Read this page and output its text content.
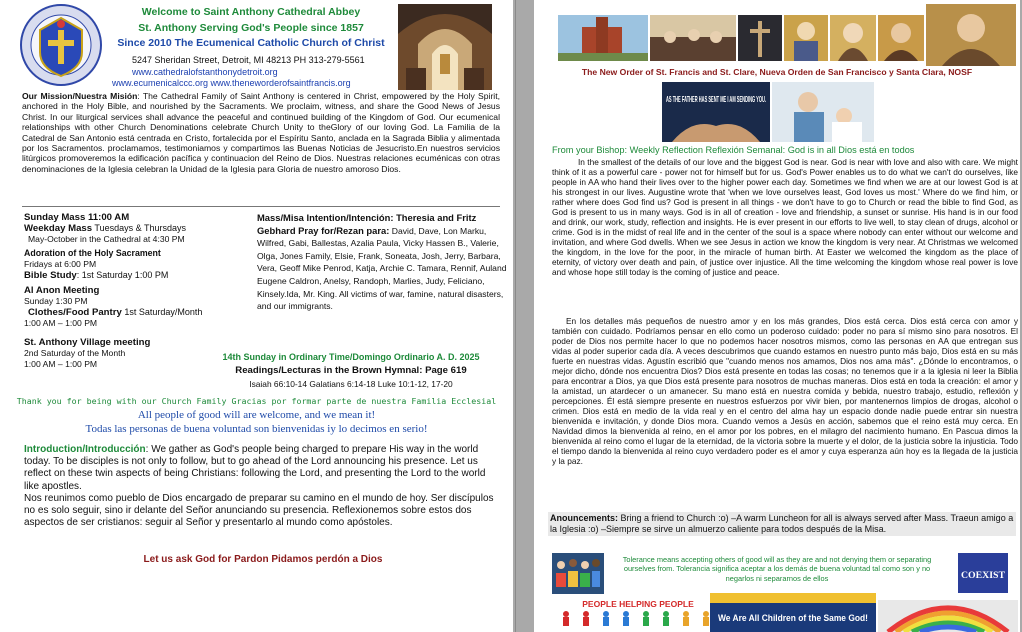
Welcome to Saint Anthony Cathedral Abbey
St. Anthony Serving God's People since 1857
Since 2010 The Ecumenical Catholic Church of Christ
5247 Sheridan Street, Detroit, MI 48213 PH 313-279-5561
www.cathedralofstanthonydetroit.org
www.ecumenicalccc.org www.theneworderofsaintfrancis.org
Our Mission/Nuestra Misión: The Cathedral Family of Saint Anthony is centered in Christ, empowered by the Holy Spirit, anchored in the Holy Bible, and nourished by the Sacraments. We proclaim, witness, and share the Good News of Jesus Christ. In our liturgical services shall advance the peaceful and continued building of the Kingdom of God. Our ecumenical relationships with other Church Denominations celebrate Church Unity to theGlory of our loving God. La Familia de la Catedral de San Antonio está centrada en Cristo, fortalecida por el Espíritu Santo, anclada en la Sagrada Biblia y alimentada por los Sacramentos. proclamamos, testimoniamos y compartimos las Buenas Noticias de Jesucristo.En nuestros servicios litúrgicos promoveremos la edificación pacífica y continuacion del Reino de Dios. Nuestras relaciones ecuménicas con otras denominaciones de la Iglesia celebran la Unidad de la Iglesia para Gloria de nuestro amoroso Dios.
Sunday Mass 11:00 AM
Weekday Mass Tuesdays & Thursdays
May-October in the Cathedral at 4:30 PM
Adoration of the Holy Sacrament
Fridays at 6:00 PM
Bible Study: 1st Saturday 1:00 PM
Al Anon Meeting
Sunday 1:30 PM
Clothes/Food Pantry 1st Saturday/Month
1:00 AM – 1:00 PM
St. Anthony Village meeting
2nd Saturday of the Month
1:00 AM – 1:00 PM
Mass/Misa Intention/Intención: Theresia and Fritz Gebhard Pray for/Rezan para: David, Dave, Lon Marku, Wilfred, Gabi, Ballestas, Azalia Paula, Vicky Hassen B., Valerie, Olga, Jones Family, Elsie, Frank, Soneata, Josh, Jerry, Barbara, Vera, Geoff Mike Penrod, Katja, Archie C. Tamara, Rennif, Auland Eugene Caldron, Anelsy, Randoph, Marlies, Judy, Feliciano, Kinsely.Ida, Mr. King. All victims of war, famine, natural disasters, and our immigrants.
14th Sunday in Ordinary Time/Domingo Ordinario A. D. 2025
Readings/Lecturas in the Brown Hymnal: Page 619
Isaiah 66:10-14 Galatians 6:14-18 Luke 10:1-12, 17-20
Thank you for being with our Church Family Gracias por formar parte de nuestra Familia Ecclesial
All people of good will are welcome, and we mean it!
Todas las personas de buena voluntad son bienvenidas iy lo decimos en serio!
Introduction/Introducción: We gather as God's people being charged to prepare His way in the world today. To be disciples is not only to follow, but to go ahead of the Lord announcing his presence. Let us reflect on these twin aspects of being Christians: following the Lord, and presenting the Lord to the world like apostles.
Nos reunimos como pueblo de Dios encargado de preparar su camino en el mundo de hoy. Ser discípulos no es solo seguir, sino ir delante del Señor anunciando su presencia. Reflexionemos sobre estos dos aspectos de ser cristianos: seguir al Señor y presentarlo al mundo como apóstoles.
Let us ask God for Pardon Pidamos perdón a Dios
The New Order of St. Francis and St. Clare, Nueva Orden de San Francisco y Santa Clara, NOSF
AS THE FATHER HAS SENT ME I AM SENDING YOU.
From your Bishop: Weekly Reflection Reflexión Semanal: God is in all Dios está en todos
In the smallest of the details of our love and the biggest God is near. God is near with love and also with care. We might think of it as a powerful care - power not for himself but for us. God's Power enables us to do what we can't do ourselves, like people in AA who hand their lives over to the higher power each day. Sometimes we find when we are at our lowest God is at his strongest in our lives. Augustine wrote that 'when we love ourselves least, God loves us most.' Where do we find him, or rather where does God find us? God is present in all things - we don't have to go to Church or read the bible to find God, as God is present to us in many ways. God is in all of creation - love and friendship, a sunset or sunrise. His hand is in our food and drink, our work, study, reflection and insights. He is ever present in our efforts to live well, to stay clean of drugs, alcohol or crime. God is in the midst of real life and in the center of the soul is a space where nobody can enter without our welcome and invitation, and where God dwells. When we see Jesus in action we know the kingdom is very near. At Christmas we welcomed the kingdom, in the love for the poor, in the miracle of human birth. At Easter we welcomed the kingdom as the place of eternity, of victory over death and pain, of justice over injustice. All the time welcoming the kingdom whose real power is love and whose hope still today is the coming of justice and peace.
En los detalles más pequeños de nuestro amor y en los más grandes, Dios está cerca. Dios está cerca con amor y también con cuidado. Podríamos pensar en ello como un poderoso cuidado: poder no para sí mismo sino para nosotros. El poder de Dios nos permite hacer lo que no podemos hacer nosotros mismos, como las personas en AA que entregan sus vidas al poder superior cada día. A veces descubrimos que cuando estamos en nuestro punto más bajo, Dios está en su más fuerte en nuestras vidas. Agustín escribió que "cuando menos nos amamos, Dios nos ama más". ¿Dónde lo encontramos, o mejor dicho, dónde nos encuentra Dios? Dios está presente en todas las cosas; no tenemos que ir a la iglesia ni leer la Biblia para encontrar a Dios, ya que Dios está presente para nosotros de muchas maneras. Dios está en toda la creación: el amor y la amistad, un atardecer o un amanecer. Su mano está en nuestra comida y bebida, nuestro trabajo, estudio, reflexión y percepciones. Él está siempre presente en nuestros esfuerzos por vivir bien, por mantenernos limpios de drogas, alcohol o crimen. Dios está en medio de la vida real y en el centro del alma hay un espacio donde nadie puede entrar sin nuestra bienvenida e invitación, y donde Dios mora. Cuando vemos a Jesús en acción, sabemos que el reino está muy cerca. En Navidad dimos la bienvenida al reino, en el amor por los pobres, en el milagro del nacimiento humano. En Pascua dimos la bienvenida al reino como el lugar de la eternidad, de la victoria sobre la muerte y el dolor, de la justicia sobre la injusticia. Todo el tiempo dando la bienvenida al reino cuyo verdadero poder es el amor y cuya esperanza aún hoy es la llegada de la justicia y la paz.
Anouncements: Bring a friend to Church :o) –A warm Luncheon for all is always served after Mass. Traeun amigo a la Iglesia :o) –Siempre se sirve un almuerzo caliente para todos después de la Misa.
Tolerance means accepting others of good will as they are and not denying them or separating ourselves from. Tolerancia significa aceptar a los demás de buena voluntad tal como son y no negarlos ni separarnos de ellos	COEXIST
PEOPLE HELPING PEOPLE
We Are All Children of the Same God!
